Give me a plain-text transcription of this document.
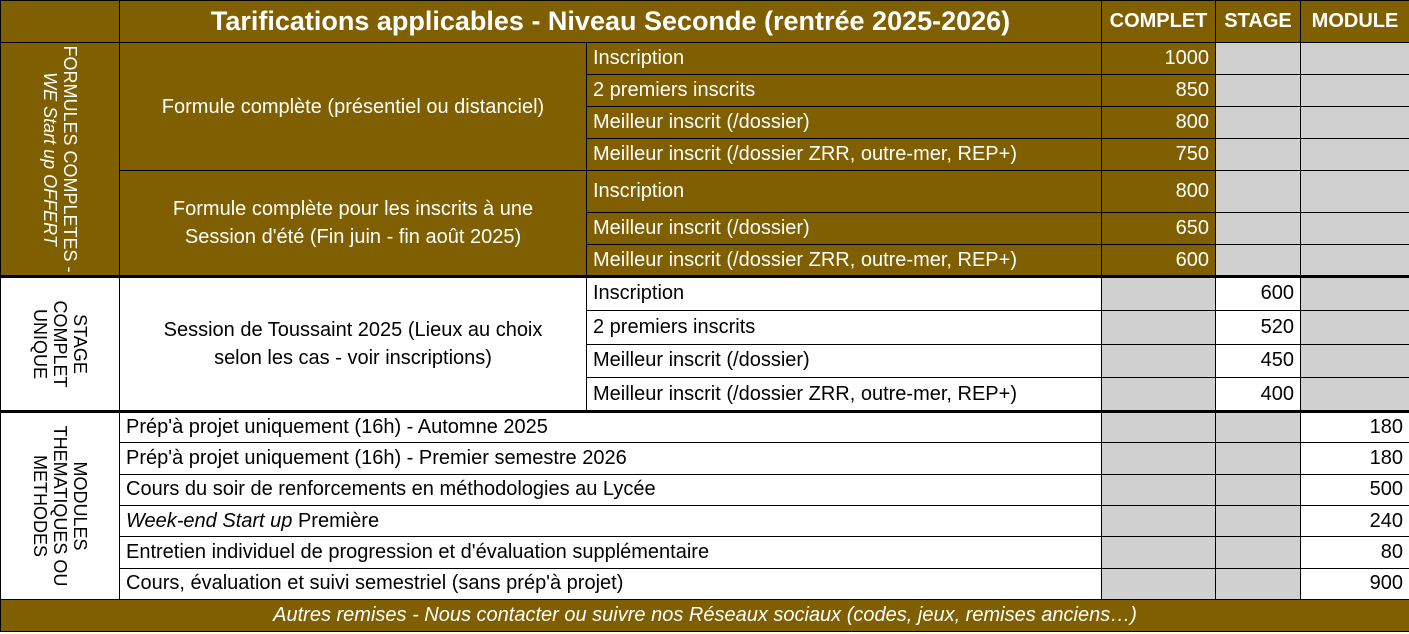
	Tarifications applicables - Niveau Seconde (rentrée 2025-2026)		COMPLET	STAGE	MODULE

FORMULES COMPLETES -
WE Start up OFFERT	Formule complète (présentiel ou distanciel)	Inscription	1000		
		2 premiers inscrits	850		
		Meilleur inscrit (/dossier)	800		
		Meilleur inscrit (/dossier ZRR, outre-mer, REP+)	750		
	Formule complète pour les inscrits à une Session d'été (Fin juin - fin août 2025)	Inscription	800		
		Meilleur inscrit (/dossier)	650		
		Meilleur inscrit (/dossier ZRR, outre-mer, REP+)	600		

STAGE
COMPLET
UNIQUE	Session de Toussaint 2025 (Lieux au choix selon les cas - voir inscriptions)	Inscription		600	
		2 premiers inscrits		520	
		Meilleur inscrit (/dossier)		450	
		Meilleur inscrit (/dossier ZRR, outre-mer, REP+)		400	

MODULES
THEMATIQUES OU
METHODES	Prép'à projet uniquement (16h) - Automne 2025				180
	Prép'à projet uniquement (16h) - Premier semestre 2026				180
	Cours du soir de renforcements en méthodologies au Lycée				500
	Week-end Start up Première				240
	Entretien individuel de progression et d'évaluation supplémentaire				80
	Cours, évaluation et suivi semestriel (sans prép'à projet)				900
Autres remises - Nous contacter ou suivre nos Réseaux sociaux (codes, jeux, remises anciens…)					
